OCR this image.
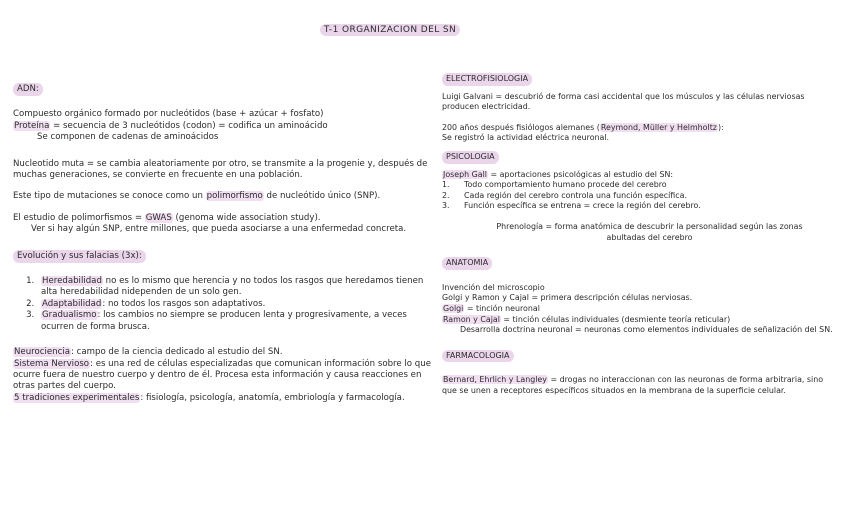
T-1 ORGANIZACION DEL SN
ADN:

Compuesto orgánico formado por nucleótidos (base + azúcar + fosfato)

Proteína = secuencia de 3 nucleótidos (codon) = codifica un aminoácido

Se componen de cadenas de aminoácidos

Nucleotido muta = se cambia aleatoriamente por otro, se transmite a la progenie y, después de muchas generaciones, se convierte en frecuente en una población.

Este tipo de mutaciones se conoce como un polimorfismo de nucleótido único (SNP).

El estudio de polimorfismos = GWAS (genoma wide association study).

Ver si hay algún SNP, entre millones, que pueda asociarse a una enfermedad concreta.

Evolución y sus falacias (3x):
1. Heredabilidad no es lo mismo que herencia y no todos los rasgos que heredamos tienen alta heredabilidad nidependen de un solo gen.
2. Adaptabilidad: no todos los rasgos son adaptativos.
3. Gradualismo: los cambios no siempre se producen lenta y progresivamente, a veces ocurren de forma brusca.

Neurociencia: campo de la ciencia dedicado al estudio del SN.

Sistema Nervioso: es una red de células especializadas que comunican información sobre lo que ocurre fuera de nuestro cuerpo y dentro de él. Procesa esta información y causa reacciones en otras partes del cuerpo.

5 tradiciones experimentales: fisiología, psicología, anatomía, embriología y farmacología.

ELECTROFISIOLOGIA

Luigi Galvani = descubrió de forma casi accidental que los músculos y las células nerviosas producen electricidad.

200 años después fisiólogos alemanes (Reymond, Müller y Helmholtz):

Se registró la actividad eléctrica neuronal.

PSICOLOGIA

Joseph Gall = aportaciones psicológicas al estudio del SN:

1.	Todo comportamiento humano procede del cerebro
2.	Cada región del cerebro controla una función específica.
3.	Función específica se entrena = crece la región del cerebro.

Phrenología = forma anatómica de descubrir la personalidad según las zonas

abultadas del cerebro

ANATOMIA

Invención del microscopio

Golgi y Ramon y Cajal = primera descripción células nerviosas.

Golgi = tinción neuronal

Ramon y Cajal = tinción células individuales (desmiente teoría reticular)

Desarrolla doctrina neuronal = neuronas como elementos individuales de señalización del SN.

FARMACOLOGIA

Bernard, Ehrlich y Langley = drogas no interaccionan con las neuronas de forma arbitraria, sino que se unen a receptores específicos situados en la membrana de la superficie celular.
